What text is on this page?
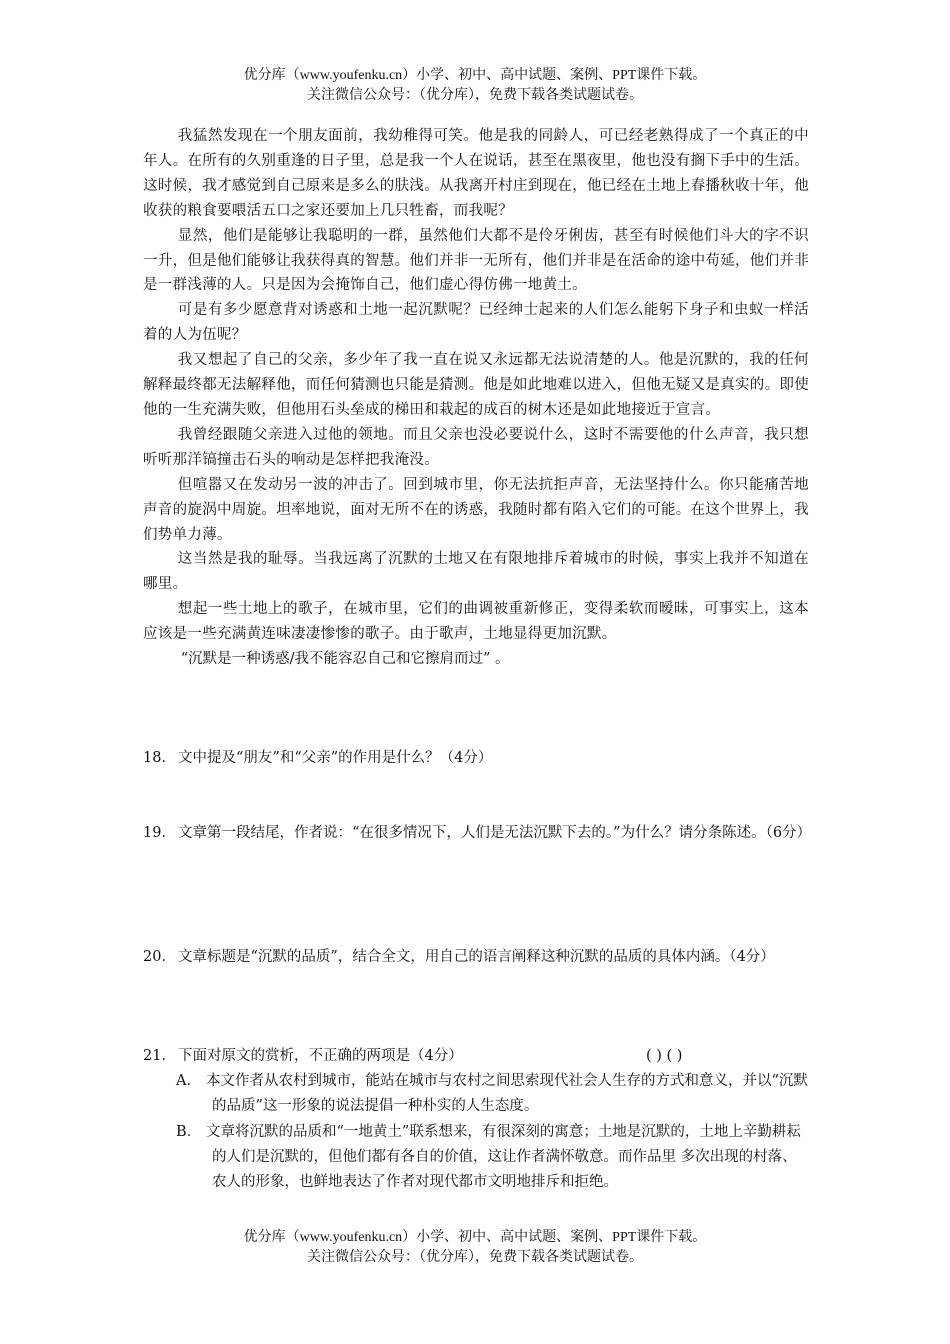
优分库（www.youfenku.cn）小学、初中、高中试题、案例、PPT课件下载。
关注微信公众号：（优分库），免费下载各类试题试卷。

我猛然发现在一个朋友面前，我幼稚得可笑。他是我的同龄人，可已经老熟得成了一个真正的中年人。在所有的久别重逢的日子里，总是我一个人在说话，甚至在黑夜里，他也没有搁下手中的生活。这时候，我才感觉到自己原来是多么的肤浅。从我离开村庄到现在，他已经在土地上春播秋收十年，他收获的粮食要喂活五口之家还要加上几只牲畜，而我呢？

显然，他们是能够让我聪明的一群，虽然他们大都不是伶牙俐齿，甚至有时候他们斗大的字不识一升，但是他们能够让我获得真的智慧。他们并非一无所有，他们并非是在活命的途中苟延，他们并非是一群浅薄的人。只是因为会掩饰自己，他们虚心得仿佛一地黄土。

可是有多少愿意背对诱惑和土地一起沉默呢？已经绅士起来的人们怎么能躬下身子和虫蚁一样活着的人为伍呢？

我又想起了自己的父亲，多少年了我一直在说又永远都无法说清楚的人。他是沉默的，我的任何解释最终都无法解释他，而任何猜测也只能是猜测。他是如此地难以进入，但他无疑又是真实的。即使他的一生充满失败，但他用石头垒成的梯田和栽起的成百的树木还是如此地接近于宣言。

我曾经跟随父亲进入过他的领地。而且父亲也没必要说什么，这时不需要他的什么声音，我只想听听那洋镐撞击石头的响动是怎样把我淹没。

但喧嚣又在发动另一波的冲击了。回到城市里，你无法抗拒声音，无法坚持什么。你只能痛苦地声音的旋涡中周旋。坦率地说，面对无所不在的诱惑，我随时都有陷入它们的可能。在这个世界上，我们势单力薄。

这当然是我的耻辱。当我远离了沉默的土地又在有限地排斥着城市的时候，事实上我并不知道在哪里。

想起一些土地上的歌子，在城市里，它们的曲调被重新修正，变得柔软而暧昧，可事实上，这本应该是一些充满黄连味凄凄惨惨的歌子。由于歌声，土地显得更加沉默。

“沉默是一种诱惑/我不能容忍自己和它擦肩而过” 。

18． 文中提及“朋友”和“父亲”的作用是什么？（4分）
19． 文章第一段结尾，作者说：“在很多情况下，人们是无法沉默下去的。”为什么？请分条陈述。（6分）
20． 文章标题是“沉默的品质”，结合全文，用自己的语言阐释这种沉默的品质的具体内涵。（4分）
21． 下面对原文的赏析，不正确的两项是（4分）	( ) ( )
A． 本文作者从农村到城市，能站在城市与农村之间思索现代社会人生存的方式和意义，并以“沉默的品质”这一形象的说法提倡一种朴实的人生态度。
B． 文章将沉默的品质和“一地黄土”联系想来，有很深刻的寓意；土地是沉默的，土地上辛勤耕耘的人们是沉默的，但他们都有各自的价值，这让作者满怀敬意。而作品里 多次出现的村落、农人的形象，也鲜地表达了作者对现代都市文明地排斥和拒绝。
优分库（www.youfenku.cn）小学、初中、高中试题、案例、PPT课件下载。
关注微信公众号：（优分库），免费下载各类试题试卷。
